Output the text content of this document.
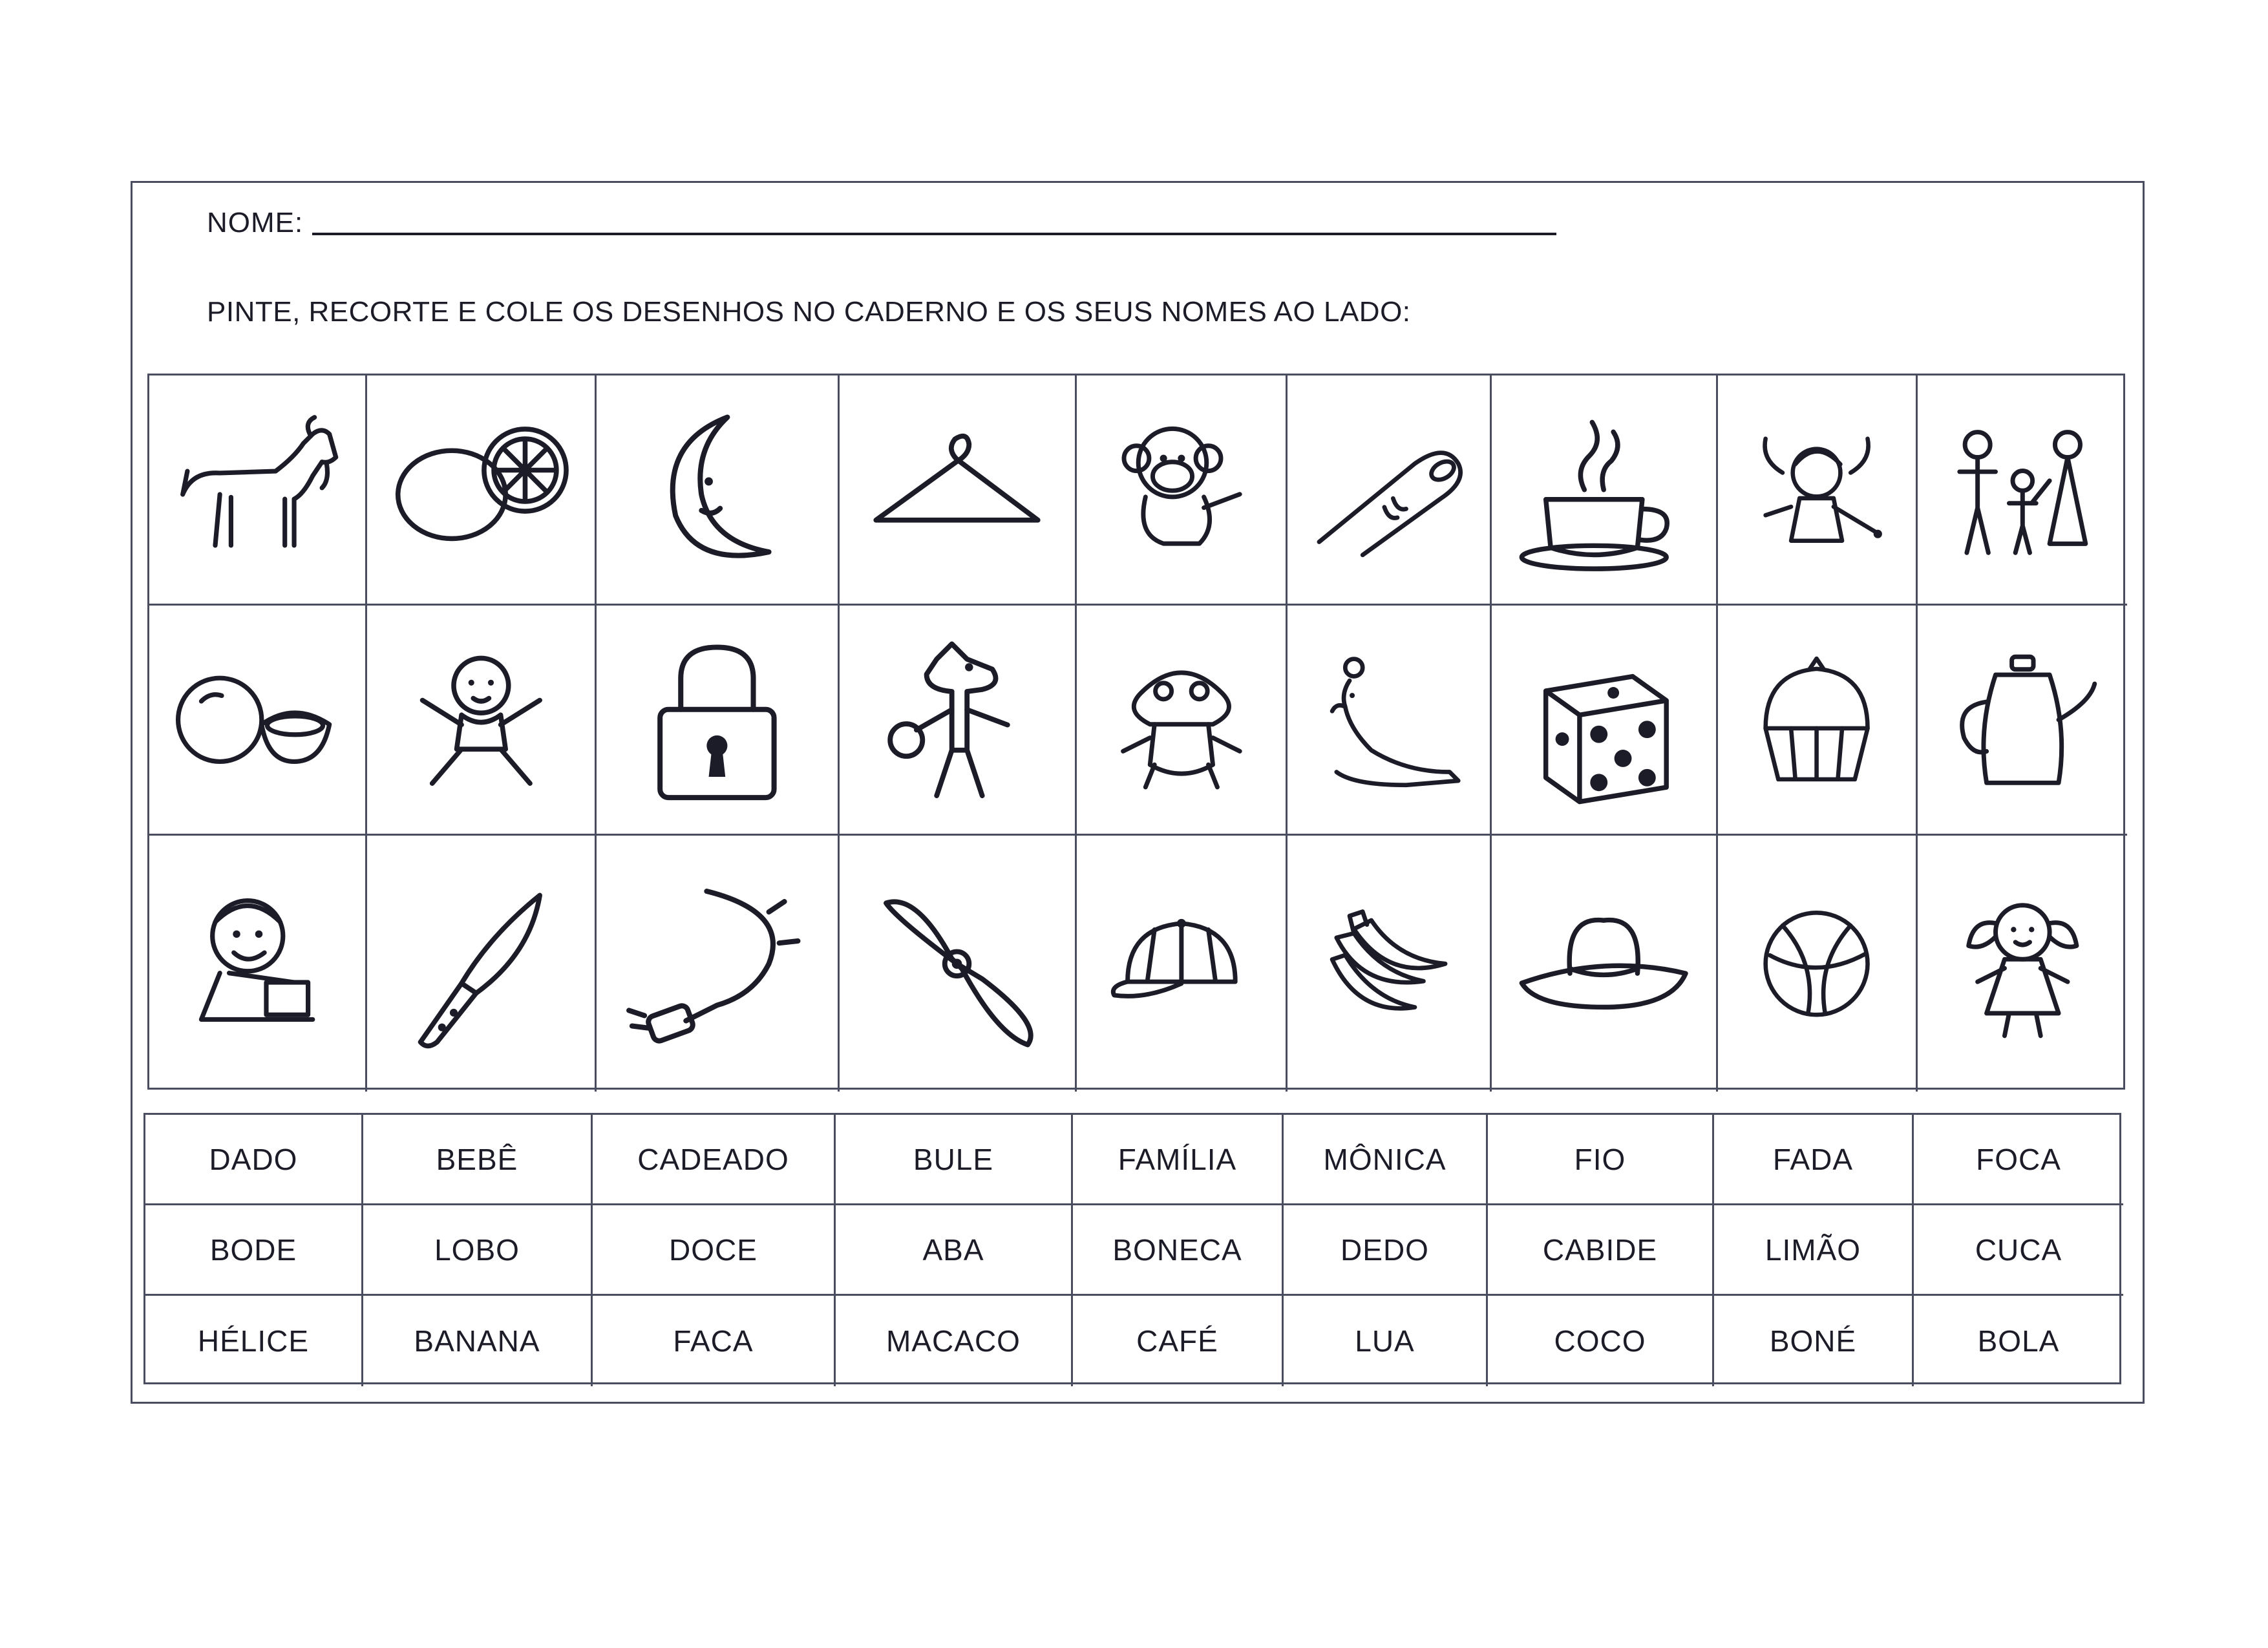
NOME:
PINTE, RECORTE E COLE OS DESENHOS NO CADERNO E OS SEUS NOMES AO LADO:
DADO	BEBÊ	CADEADO	BULE	FAMÍLIA	MÔNICA	FIO	FADA	FOCA
BODE	LOBO	DOCE	ABA	BONECA	DEDO	CABIDE	LIMÃO	CUCA
HÉLICE	BANANA	FACA	MACACO	CAFÉ	LUA	COCO	BONÉ	BOLA
